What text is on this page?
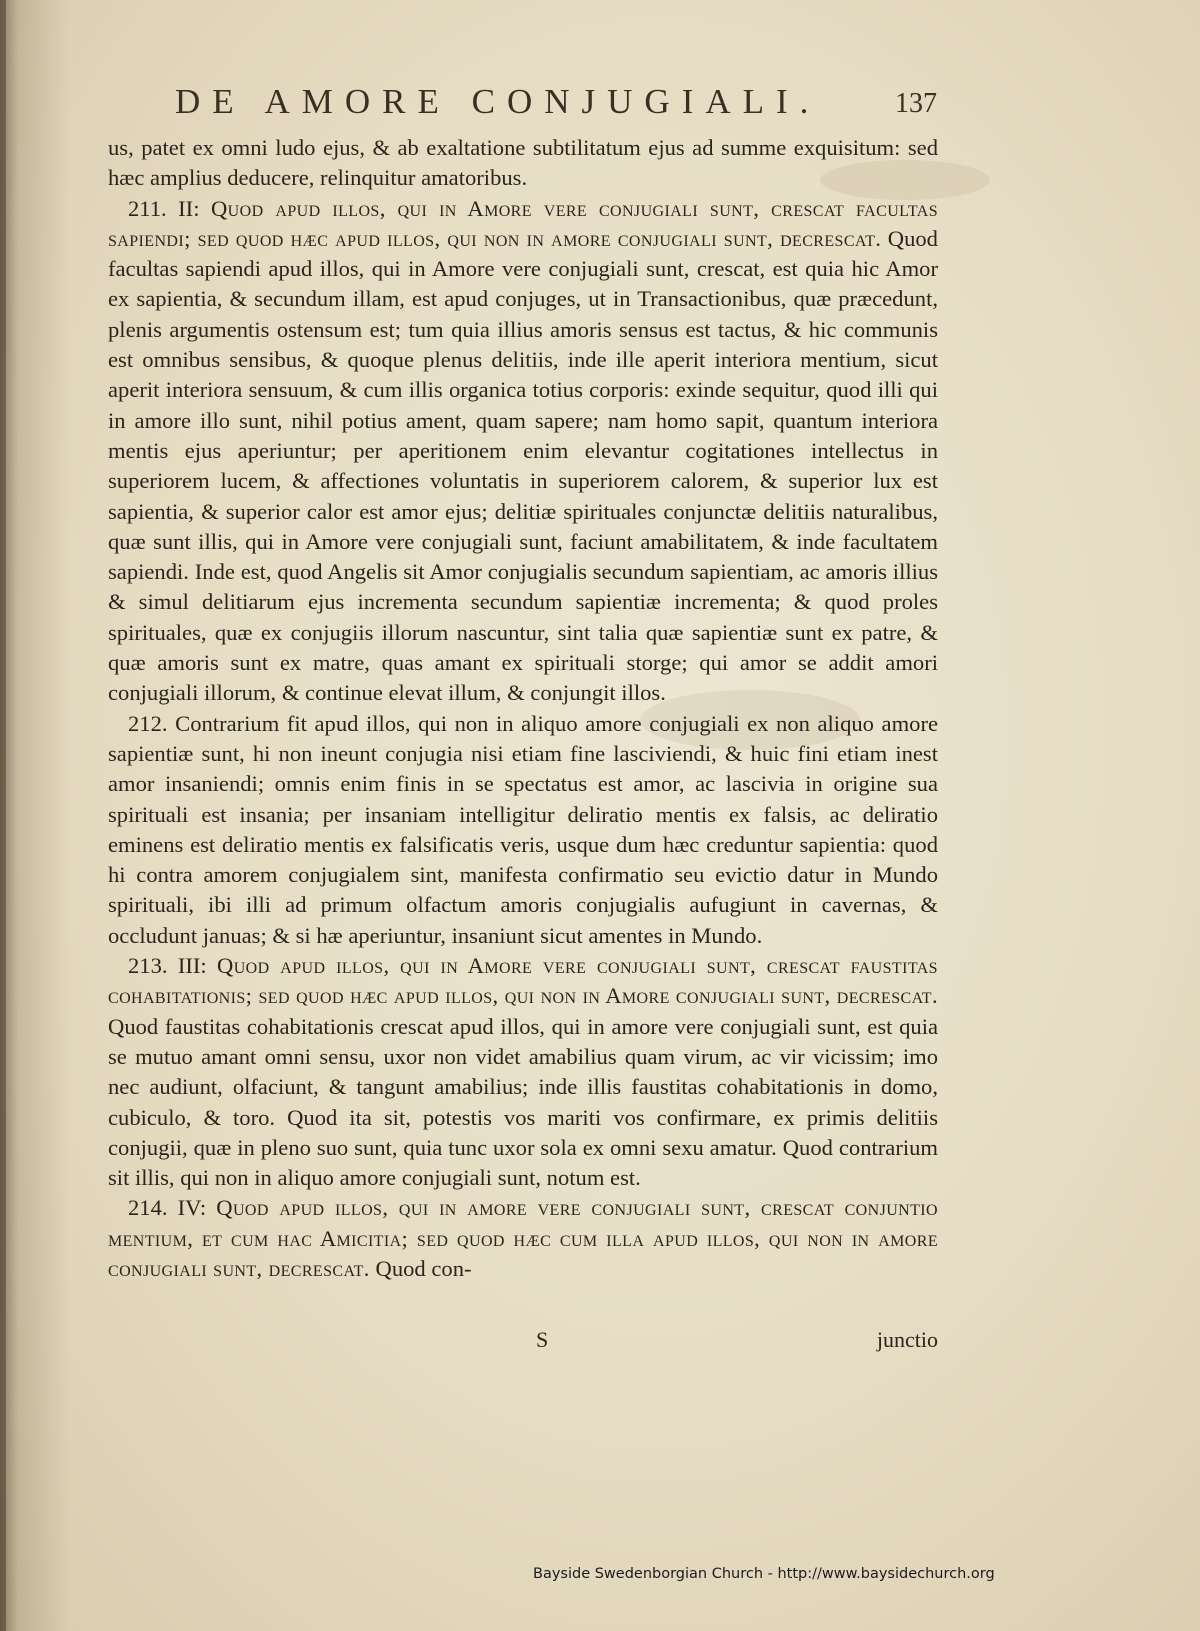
DE AMORE CONJUGIALI.	137

us, patet ex omni ludo ejus, & ab exaltatione subtilitatum ejus ad summe exquisitum: sed hæc amplius deducere, relinquitur amatoribus.

211. II: Quod apud illos, qui in Amore vere conjugiali sunt, crescat facultas sapiendi; sed quod hæc apud illos, qui non in amore conjugiali sunt, decrescat. Quod facultas sapiendi apud illos, qui in Amore vere conjugiali sunt, crescat, est quia hic Amor ex sapientia, & secundum illam, est apud conjuges, ut in Transactionibus, quæ præcedunt, plenis argumentis ostensum est; tum quia illius amoris sensus est tactus, & hic communis est omnibus sensibus, & quoque plenus delitiis, inde ille aperit interiora mentium, sicut aperit interiora sensuum, & cum illis organica totius corporis: exinde sequitur, quod illi qui in amore illo sunt, nihil potius ament, quam sapere; nam homo sapit, quantum interiora mentis ejus aperiuntur; per aperitionem enim elevantur cogitationes intellectus in superiorem lucem, & affectiones voluntatis in superiorem calorem, & superior lux est sapientia, & superior calor est amor ejus; delitiæ spirituales conjunctæ delitiis naturalibus, quæ sunt illis, qui in Amore vere conjugiali sunt, faciunt amabilitatem, & inde facultatem sapiendi. Inde est, quod Angelis sit Amor conjugialis secundum sapientiam, ac amoris illius & simul delitiarum ejus incrementa secundum sapientiæ incrementa; & quod proles spirituales, quæ ex conjugiis illorum nascuntur, sint talia quæ sapientiæ sunt ex patre, & quæ amoris sunt ex matre, quas amant ex spirituali storge; qui amor se addit amori conjugiali illorum, & continue elevat illum, & conjungit illos.

212. Contrarium fit apud illos, qui non in aliquo amore conjugiali ex non aliquo amore sapientiæ sunt, hi non ineunt conjugia nisi etiam fine lasciviendi, & huic fini etiam inest amor insaniendi; omnis enim finis in se spectatus est amor, ac lascivia in origine sua spirituali est insania; per insaniam intelligitur deliratio mentis ex falsis, ac deliratio eminens est deliratio mentis ex falsificatis veris, usque dum hæc creduntur sapientia: quod hi contra amorem conjugialem sint, manifesta confirmatio seu evictio datur in Mundo spirituali, ibi illi ad primum olfactum amoris conjugialis aufugiunt in cavernas, & occludunt januas; & si hæ aperiuntur, insaniunt sicut amentes in Mundo.

213. III: Quod apud illos, qui in Amore vere conjugiali sunt, crescat faustitas cohabitationis; sed quod hæc apud illos, qui non in Amore conjugiali sunt, decrescat. Quod faustitas cohabitationis crescat apud illos, qui in amore vere conjugiali sunt, est quia se mutuo amant omni sensu, uxor non videt amabilius quam virum, ac vir vicissim; imo nec audiunt, olfaciunt, & tangunt amabilius; inde illis faustitas cohabitationis in domo, cubiculo, & toro. Quod ita sit, potestis vos mariti vos confirmare, ex primis delitiis conjugii, quæ in pleno suo sunt, quia tunc uxor sola ex omni sexu amatur. Quod contrarium sit illis, qui non in aliquo amore conjugiali sunt, notum est.

214. IV: Quod apud illos, qui in amore vere conjugiali sunt, crescat conjuntio mentium, et cum hac Amicitia; sed quod hæc cum illa apud illos, qui non in amore conjugiali sunt, decrescat. Quod con-

S	junctio
Bayside Swedenborgian Church - http://www.baysidechurch.org
